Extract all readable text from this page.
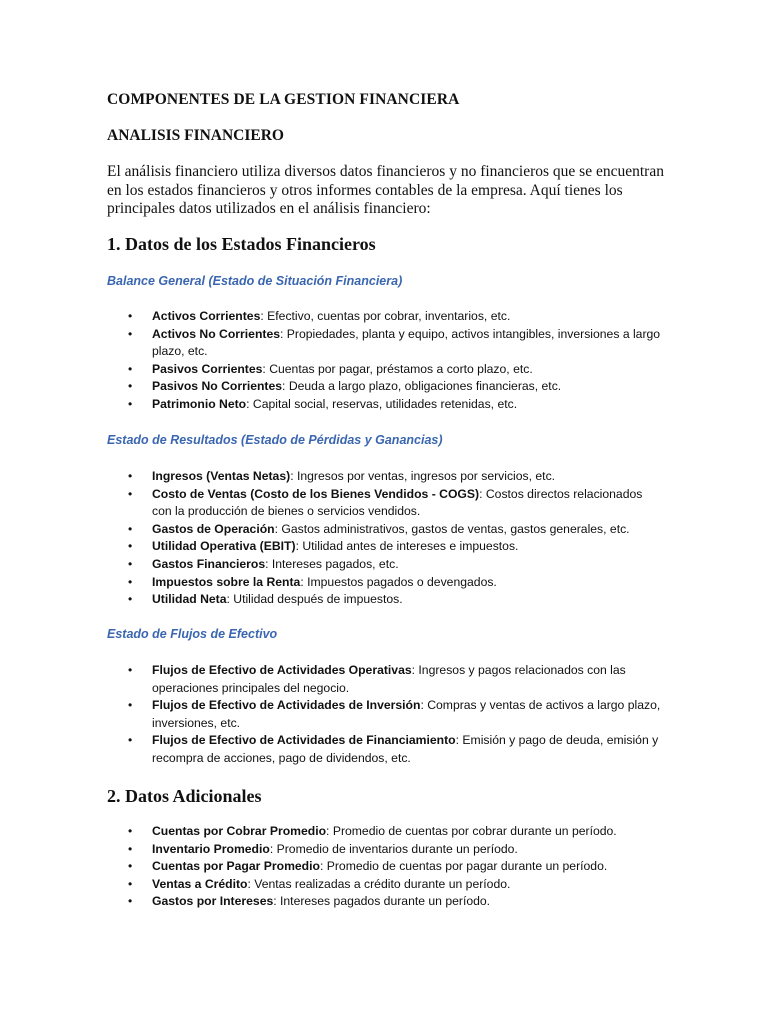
COMPONENTES DE LA GESTION FINANCIERA
ANALISIS FINANCIERO

El análisis financiero utiliza diversos datos financieros y no financieros que se encuentran en los estados financieros y otros informes contables de la empresa. Aquí tienes los principales datos utilizados en el análisis financiero:

1. Datos de los Estados Financieros
Balance General (Estado de Situación Financiera)
• Activos Corrientes: Efectivo, cuentas por cobrar, inventarios, etc.
• Activos No Corrientes: Propiedades, planta y equipo, activos intangibles, inversiones a largo plazo, etc.
• Pasivos Corrientes: Cuentas por pagar, préstamos a corto plazo, etc.
• Pasivos No Corrientes: Deuda a largo plazo, obligaciones financieras, etc.
• Patrimonio Neto: Capital social, reservas, utilidades retenidas, etc.
Estado de Resultados (Estado de Pérdidas y Ganancias)
• Ingresos (Ventas Netas): Ingresos por ventas, ingresos por servicios, etc.
• Costo de Ventas (Costo de los Bienes Vendidos - COGS): Costos directos relacionados con la producción de bienes o servicios vendidos.
• Gastos de Operación: Gastos administrativos, gastos de ventas, gastos generales, etc.
• Utilidad Operativa (EBIT): Utilidad antes de intereses e impuestos.
• Gastos Financieros: Intereses pagados, etc.
• Impuestos sobre la Renta: Impuestos pagados o devengados.
• Utilidad Neta: Utilidad después de impuestos.
Estado de Flujos de Efectivo
• Flujos de Efectivo de Actividades Operativas: Ingresos y pagos relacionados con las operaciones principales del negocio.
• Flujos de Efectivo de Actividades de Inversión: Compras y ventas de activos a largo plazo, inversiones, etc.
• Flujos de Efectivo de Actividades de Financiamiento: Emisión y pago de deuda, emisión y recompra de acciones, pago de dividendos, etc.
2. Datos Adicionales
• Cuentas por Cobrar Promedio: Promedio de cuentas por cobrar durante un período.
• Inventario Promedio: Promedio de inventarios durante un período.
• Cuentas por Pagar Promedio: Promedio de cuentas por pagar durante un período.
• Ventas a Crédito: Ventas realizadas a crédito durante un período.
• Gastos por Intereses: Intereses pagados durante un período.
